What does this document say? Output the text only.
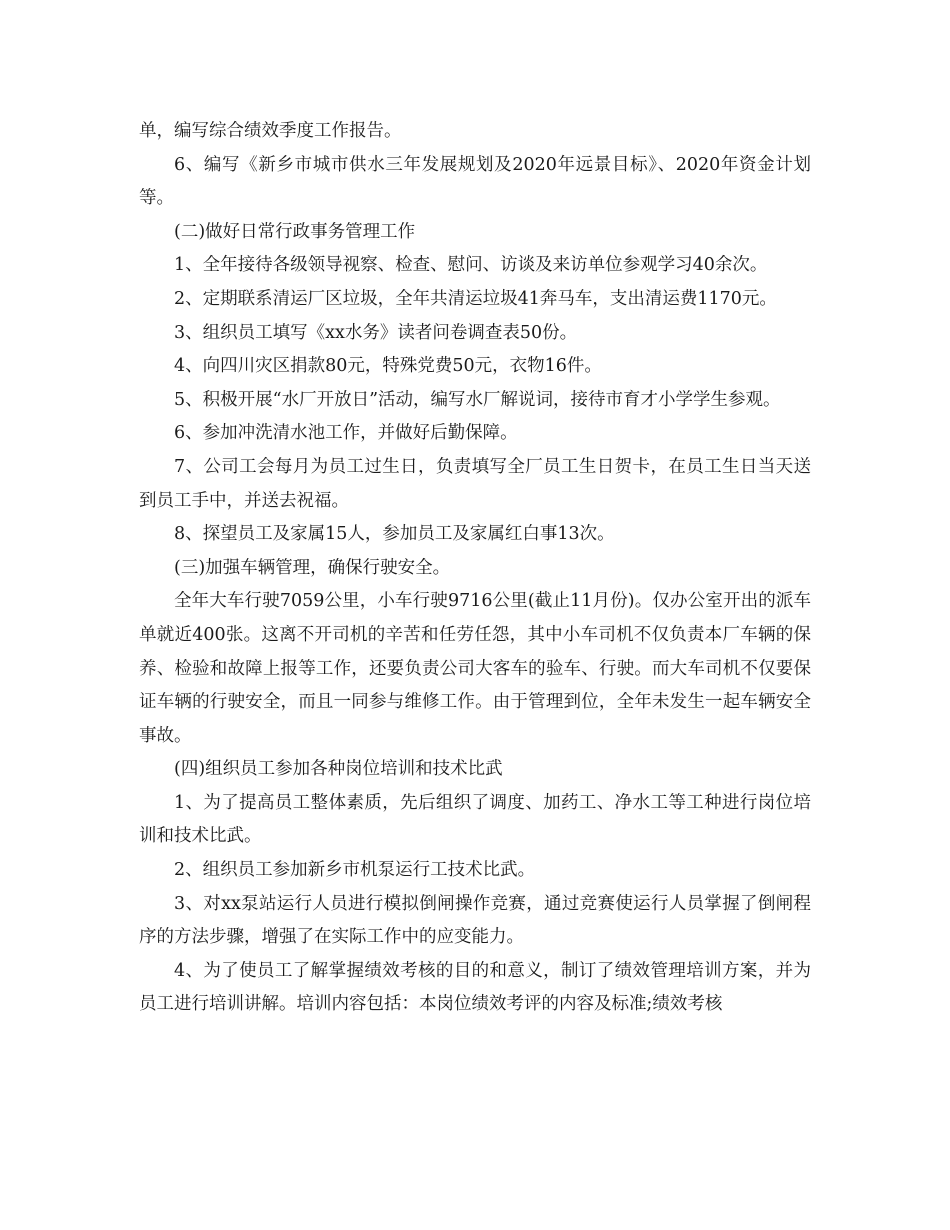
单，编写综合绩效季度工作报告。

6、编写《新乡市城市供水三年发展规划及2020年远景目标》、2020年资金计划等。

(二)做好日常行政事务管理工作

1、全年接待各级领导视察、检查、慰问、访谈及来访单位参观学习40余次。

2、定期联系清运厂区垃圾，全年共清运垃圾41奔马车，支出清运费1170元。

3、组织员工填写《xx水务》读者问卷调查表50份。

4、向四川灾区捐款80元，特殊党费50元，衣物16件。

5、积极开展“水厂开放日”活动，编写水厂解说词，接待市育才小学学生参观。

6、参加冲洗清水池工作，并做好后勤保障。

7、公司工会每月为员工过生日，负责填写全厂员工生日贺卡，在员工生日当天送到员工手中，并送去祝福。

8、探望员工及家属15人，参加员工及家属红白事13次。

(三)加强车辆管理，确保行驶安全。

全年大车行驶7059公里，小车行驶9716公里(截止11月份)。仅办公室开出的派车单就近400张。这离不开司机的辛苦和任劳任怨，其中小车司机不仅负责本厂车辆的保养、检验和故障上报等工作，还要负责公司大客车的验车、行驶。而大车司机不仅要保证车辆的行驶安全，而且一同参与维修工作。由于管理到位，全年未发生一起车辆安全事故。

(四)组织员工参加各种岗位培训和技术比武

1、为了提高员工整体素质，先后组织了调度、加药工、净水工等工种进行岗位培训和技术比武。

2、组织员工参加新乡市机泵运行工技术比武。

3、对xx泵站运行人员进行模拟倒闸操作竞赛，通过竞赛使运行人员掌握了倒闸程序的方法步骤，增强了在实际工作中的应变能力。

4、为了使员工了解掌握绩效考核的目的和意义，制订了绩效管理培训方案，并为员工进行培训讲解。培训内容包括：本岗位绩效考评的内容及标准;绩效考核
